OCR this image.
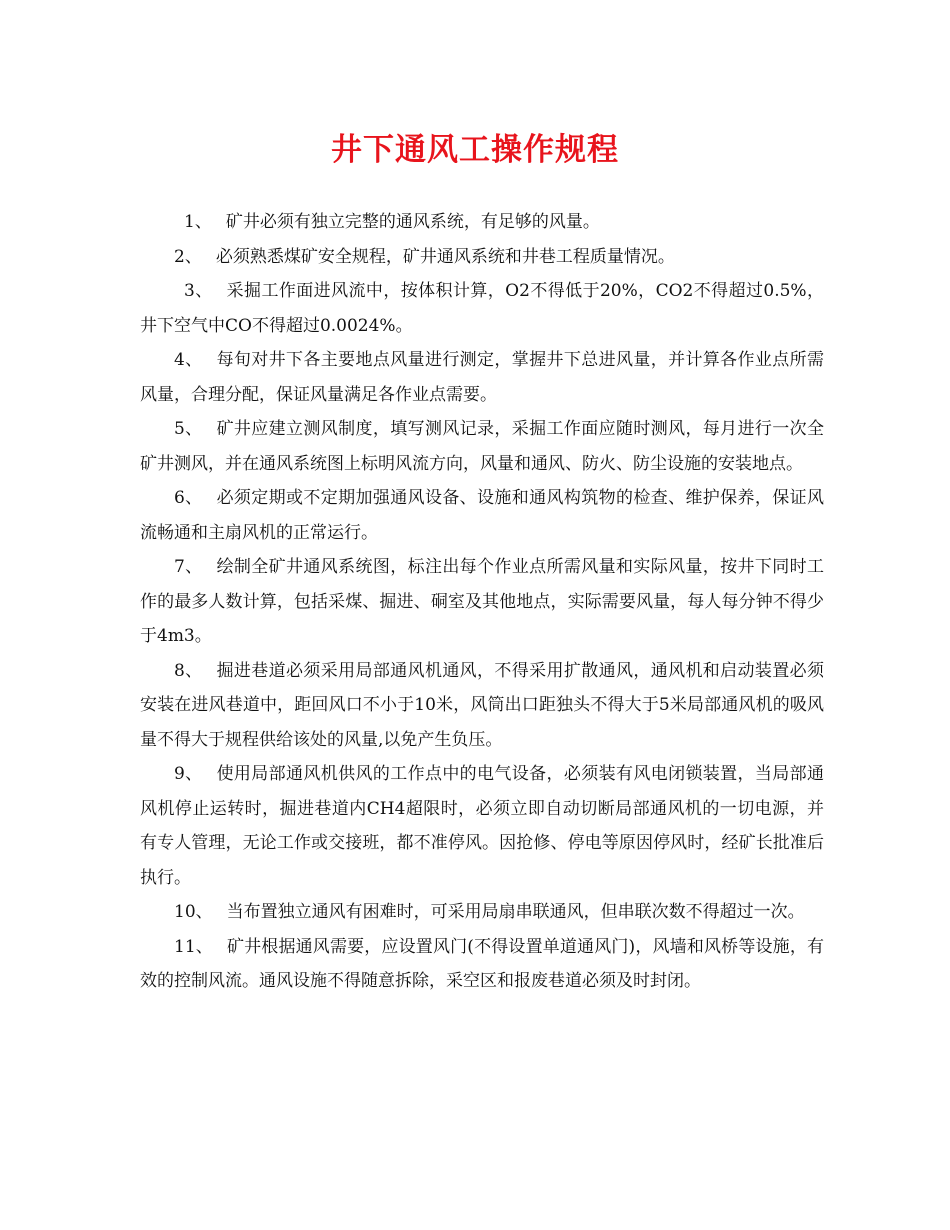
井下通风工操作规程

1、 矿井必须有独立完整的通风系统，有足够的风量。

2、 必须熟悉煤矿安全规程，矿井通风系统和井巷工程质量情况。

3、 采掘工作面进风流中，按体积计算，O2不得低于20%，CO2不得超过0.5%，井下空气中CO不得超过0.0024%。

4、 每旬对井下各主要地点风量进行测定，掌握井下总进风量，并计算各作业点所需风量，合理分配，保证风量满足各作业点需要。

5、 矿井应建立测风制度，填写测风记录，采掘工作面应随时测风，每月进行一次全矿井测风，并在通风系统图上标明风流方向，风量和通风、防火、防尘设施的安装地点。

6、 必须定期或不定期加强通风设备、设施和通风构筑物的检查、维护保养，保证风流畅通和主扇风机的正常运行。

7、 绘制全矿井通风系统图，标注出每个作业点所需风量和实际风量，按井下同时工作的最多人数计算，包括采煤、掘进、硐室及其他地点，实际需要风量，每人每分钟不得少于4m3。

8、 掘进巷道必须采用局部通风机通风，不得采用扩散通风，通风机和启动装置必须安装在进风巷道中，距回风口不小于10米，风筒出口距独头不得大于5米局部通风机的吸风量不得大于规程供给该处的风量,以免产生负压。

9、 使用局部通风机供风的工作点中的电气设备，必须装有风电闭锁装置，当局部通风机停止运转时，掘进巷道内CH4超限时，必须立即自动切断局部通风机的一切电源，并有专人管理，无论工作或交接班，都不准停风。因抢修、停电等原因停风时，经矿长批准后执行。

10、 当布置独立通风有困难时，可采用局扇串联通风，但串联次数不得超过一次。

11、 矿井根据通风需要，应设置风门(不得设置单道通风门)，风墙和风桥等设施，有效的控制风流。通风设施不得随意拆除，采空区和报废巷道必须及时封闭。
